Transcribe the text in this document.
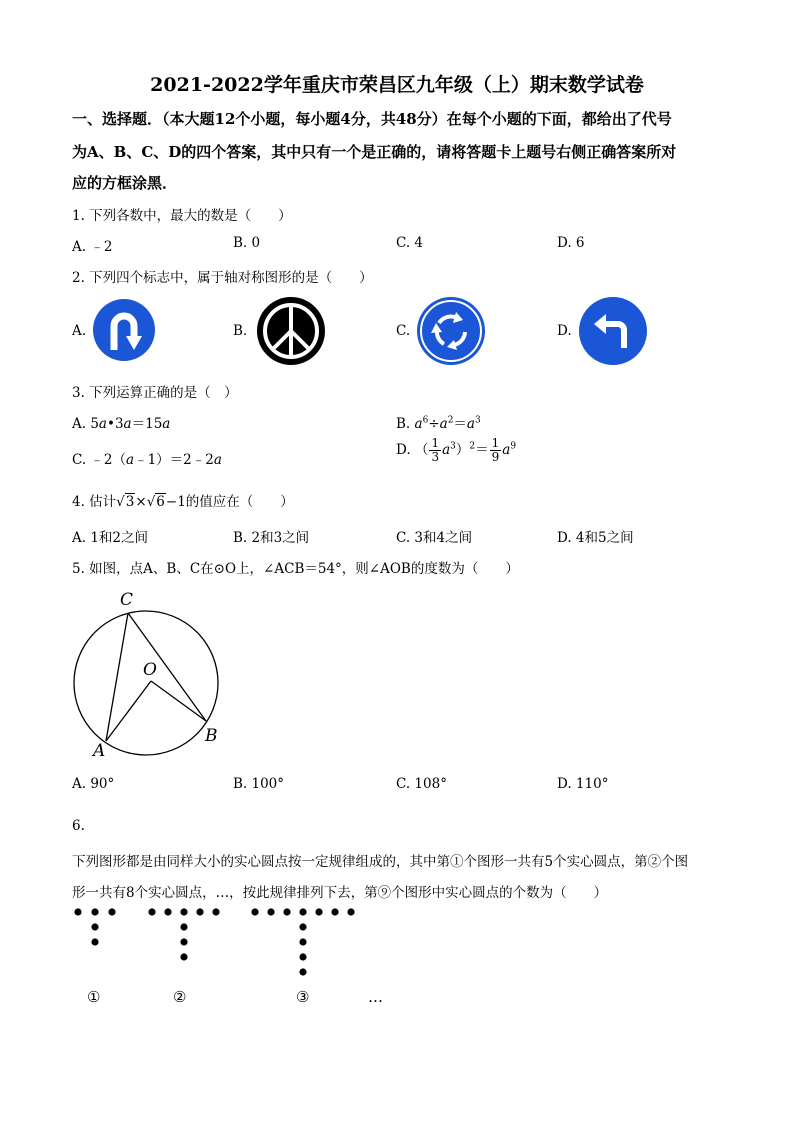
2021-2022学年重庆市荣昌区九年级（上）期末数学试卷
一、选择题．（本大题12个小题，每小题4分，共48分）在每个小题的下面，都给出了代号
为A、B、C、D的四个答案，其中只有一个是正确的，请将答题卡上题号右侧正确答案所对
应的方框涂黑．
1. 下列各数中，最大的数是（　　）
A. ﹣2	B. 0	C. 4	D. 6
2. 下列四个标志中，属于轴对称图形的是（　　）
A.	B.	C.	D.
3. 下列运算正确的是（　）
A. 5a•3a＝15a	B. $a^6\div a^2=a^3$
C. ﹣2（a﹣1）＝2﹣2a
D. （ $\frac{1}{3} a^3)^2= \frac{1}{9} a^9$
4. 估计√3×√6−1的值应在（　　）
A. 1和2之间	B. 2和3之间	C. 3和4之间	D. 4和5之间
5. 如图，点A、B、C在⊙O上，∠ACB＝54°，则∠AOB的度数为（　　）
C
O
A
B
A. 90°	B. 100°	C. 108°	D. 110°
6.
下列图形都是由同样大小的实心圆点按一定规律组成的，其中第①个图形一共有5个实心圆点，第②个图
形一共有8个实心圆点，…，按此规律排列下去，第⑨个图形中实心圆点的个数为（　　）
①	②	③	…
